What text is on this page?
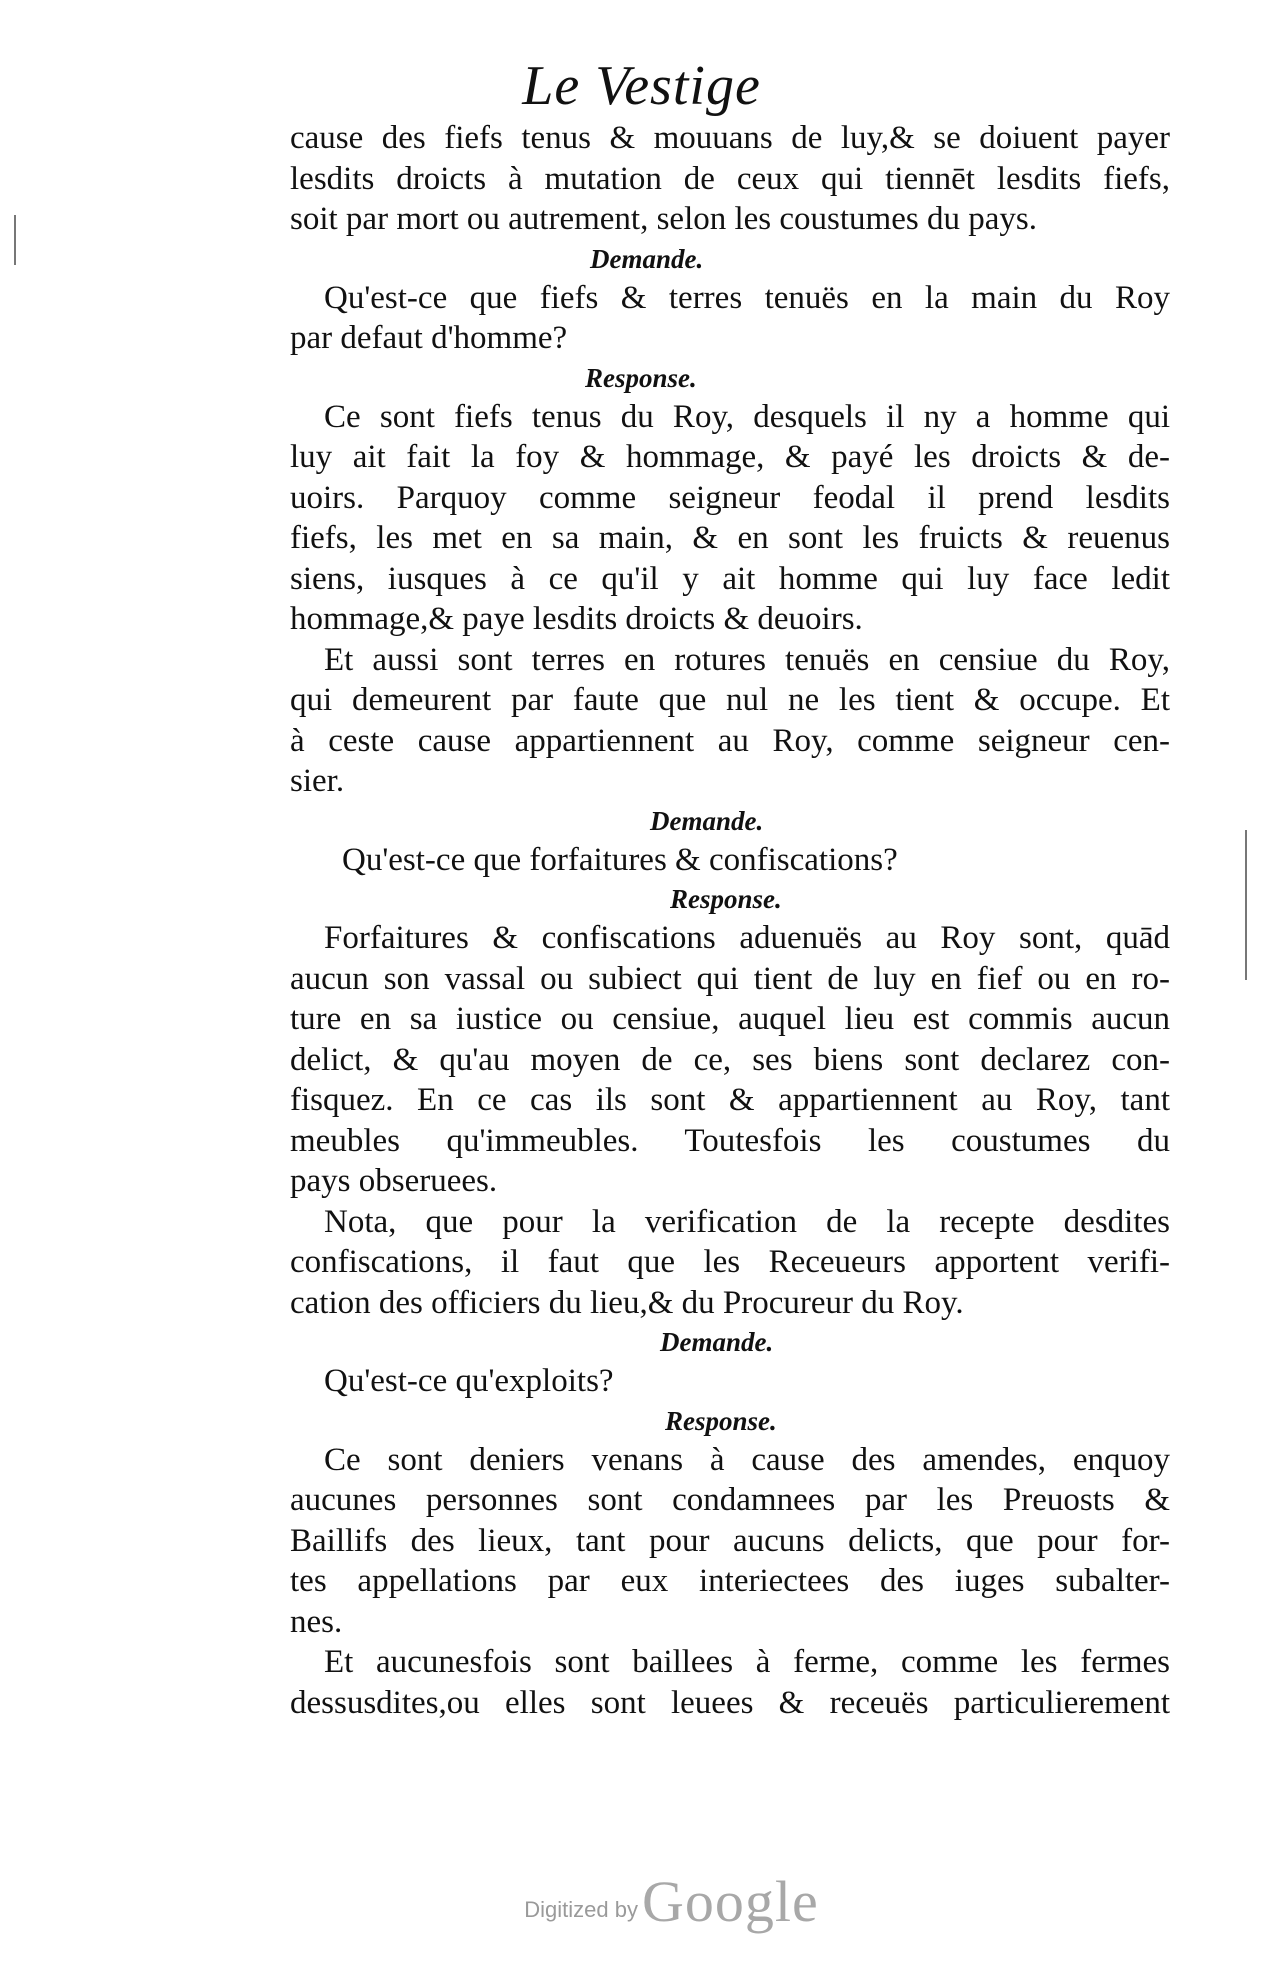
Le Vestige
cause des fiefs tenus & mouuans de luy,& se doiuent payer
lesdits droicts à mutation de ceux qui tiennēt lesdits fiefs,
soit par mort ou autrement, selon les coustumes du pays.
Demande.
Qu'est-ce que fiefs & terres tenuës en la main du Roy
par defaut d'homme?
Response.
Ce sont fiefs tenus du Roy, desquels il ny a homme qui
luy ait fait la foy & hommage, & payé les droicts & de-
uoirs. Parquoy comme seigneur feodal il prend lesdits
fiefs, les met en sa main, & en sont les fruicts & reuenus
siens, iusques à ce qu'il y ait homme qui luy face ledit
hommage,& paye lesdits droicts & deuoirs.
Et aussi sont terres en rotures tenuës en censiue du Roy,
qui demeurent par faute que nul ne les tient & occupe. Et
à ceste cause appartiennent au Roy, comme seigneur cen-
sier.
Demande.
Qu'est-ce que forfaitures & confiscations?
Response.
Forfaitures & confiscations aduenuës au Roy sont, quād
aucun son vassal ou subiect qui tient de luy en fief ou en ro-
ture en sa iustice ou censiue, auquel lieu est commis aucun
delict, & qu'au moyen de ce, ses biens sont declarez con-
fisquez. En ce cas ils sont & appartiennent au Roy, tant
meubles qu'immeubles. Toutesfois les coustumes du
pays obseruees.
Nota, que pour la verification de la recepte desdites
confiscations, il faut que les Receueurs apportent verifi-
cation des officiers du lieu,& du Procureur du Roy.
Demande.
Qu'est-ce qu'exploits?
Response.
Ce sont deniers venans à cause des amendes, enquoy
aucunes personnes sont condamnees par les Preuosts &
Baillifs des lieux, tant pour aucuns delicts, que pour for-
tes appellations par eux interiectees des iuges subalter-
nes.
Et aucunesfois sont baillees à ferme, comme les fermes
dessusdites,ou elles sont leuees & receuës particulierement
Digitized by Google
